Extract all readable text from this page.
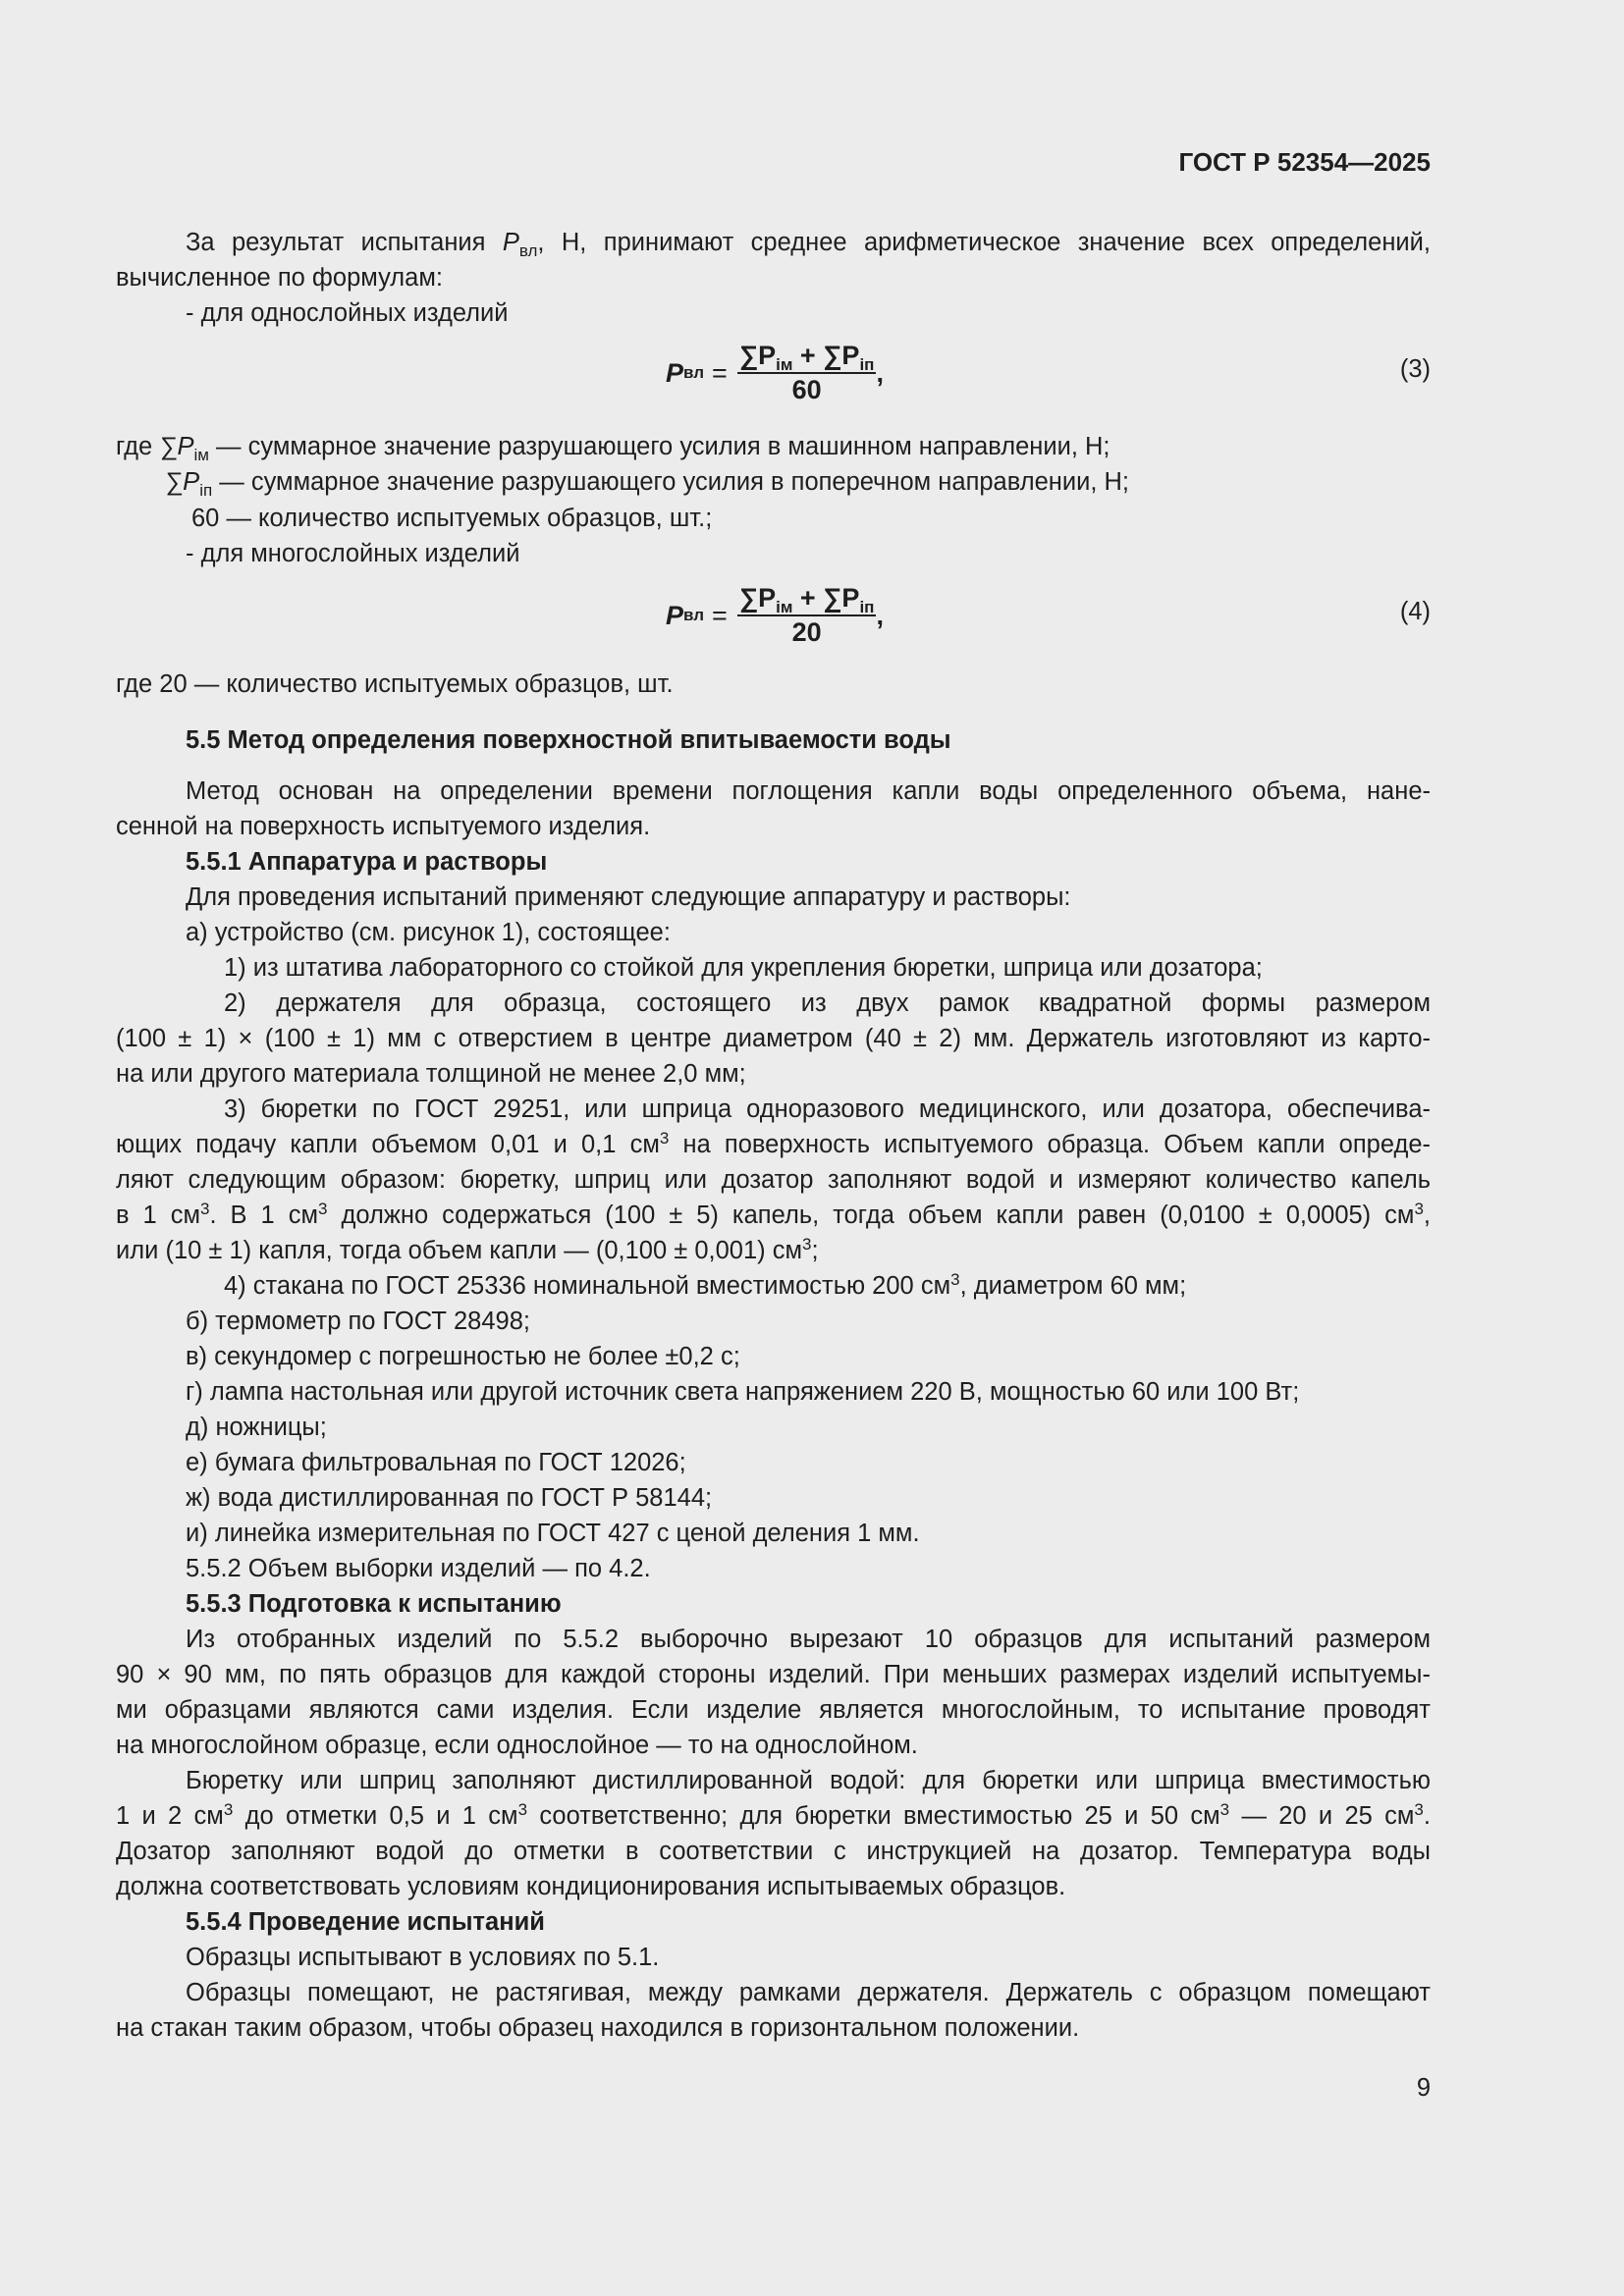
ГОСТ Р 52354—2025
За результат испытания $P_{вл}$, Н, принимают среднее арифметическое значение всех определений,
вычисленное по формулам:
- для однослойных изделий
P вл = $\frac{\sum P_{iм} + \sum P_{iп}}{60}$ ,	(3)
где $\sum P_{iм}$ — суммарное значение разрушающего усилия в машинном направлении, Н;
$\sum P_{iп}$ — суммарное значение разрушающего усилия в поперечном направлении, Н;
60 — количество испытуемых образцов, шт.;
- для многослойных изделий
P вл = $\frac{\sum P_{iм} + \sum P_{iп}}{20}$ ,	(4)
где 20 — количество испытуемых образцов, шт.
5.5 Метод определения поверхностной впитываемости воды
Метод основан на определении времени поглощения капли воды определенного объема, нане-
сенной на поверхность испытуемого изделия.
5.5.1 Аппаратура и растворы
Для проведения испытаний применяют следующие аппаратуру и растворы:
а) устройство (см. рисунок 1), состоящее:
1) из штатива лабораторного со стойкой для укрепления бюретки, шприца или дозатора;
2) держателя для образца, состоящего из двух рамок квадратной формы размером
(100 ± 1) × (100 ± 1) мм с отверстием в центре диаметром (40 ± 2) мм. Держатель изготовляют из карто-
на или другого материала толщиной не менее 2,0 мм;
3) бюретки по ГОСТ 29251, или шприца одноразового медицинского, или дозатора, обеспечива-
ющих подачу капли объемом 0,01 и 0,1 $см^3$ на поверхность испытуемого образца. Объем капли опреде-
ляют следующим образом: бюретку, шприц или дозатор заполняют водой и измеряют количество капель
в 1 $см^3$. В 1 $см^3$ должно содержаться (100 ± 5) капель, тогда объем капли равен (0,0100 ± 0,0005) $см^3$,
или (10 ± 1) капля, тогда объем капли — (0,100 ± 0,001) $см^3$;
4) стакана по ГОСТ 25336 номинальной вместимостью 200 $см^3$, диаметром 60 мм;
б) термометр по ГОСТ 28498;
в) секундомер с погрешностью не более ±0,2 с;
г) лампа настольная или другой источник света напряжением 220 В, мощностью 60 или 100 Вт;
д) ножницы;
е) бумага фильтровальная по ГОСТ 12026;
ж) вода дистиллированная по ГОСТ Р 58144;
и) линейка измерительная по ГОСТ 427 с ценой деления 1 мм.
5.5.2 Объем выборки изделий — по 4.2.
5.5.3 Подготовка к испытанию
Из отобранных изделий по 5.5.2 выборочно вырезают 10 образцов для испытаний размером
90 × 90 мм, по пять образцов для каждой стороны изделий. При меньших размерах изделий испытуемы-
ми образцами являются сами изделия. Если изделие является многослойным, то испытание проводят
на многослойном образце, если однослойное — то на однослойном.
Бюретку или шприц заполняют дистиллированной водой: для бюретки или шприца вместимостью
1 и 2 $см^3$ до отметки 0,5 и 1 $см^3$ соответственно; для бюретки вместимостью 25 и 50 $см^3$ — 20 и 25 $см^3$.
Дозатор заполняют водой до отметки в соответствии с инструкцией на дозатор. Температура воды
должна соответствовать условиям кондиционирования испытываемых образцов.
5.5.4 Проведение испытаний
Образцы испытывают в условиях по 5.1.
Образцы помещают, не растягивая, между рамками держателя. Держатель с образцом помещают
на стакан таким образом, чтобы образец находился в горизонтальном положении.
9
